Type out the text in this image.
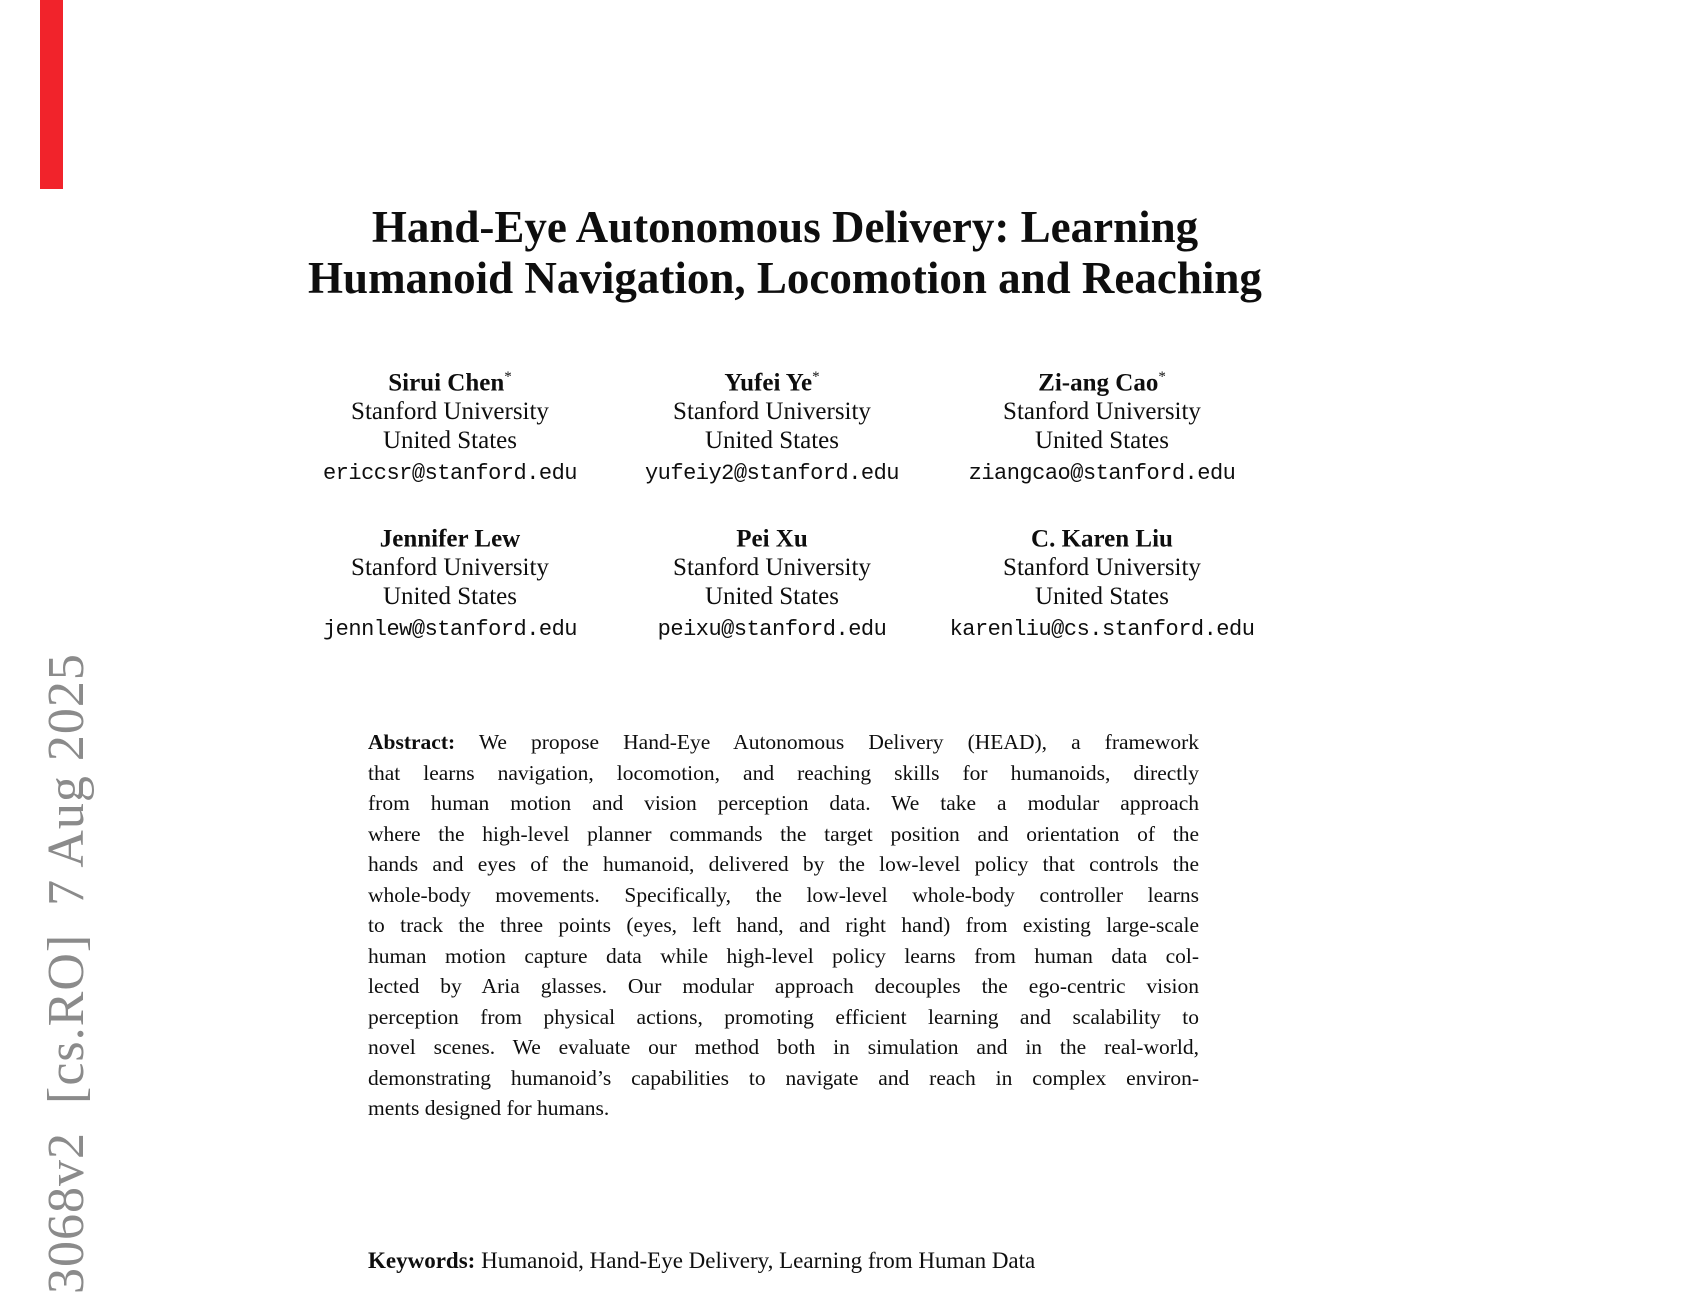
3068v2  [cs.RO]  7 Aug 2025
Hand-Eye Autonomous Delivery: Learning
Humanoid Navigation, Locomotion and Reaching
Sirui Chen*
Stanford University
United States
ericcsr@stanford.edu
Yufei Ye*
Stanford University
United States
yufeiy2@stanford.edu
Zi-ang Cao*
Stanford University
United States
ziangcao@stanford.edu
Jennifer Lew
Stanford University
United States
jennlew@stanford.edu
Pei Xu
Stanford University
United States
peixu@stanford.edu
C. Karen Liu
Stanford University
United States
karenliu@cs.stanford.edu
Abstract: We propose Hand-Eye Autonomous Delivery (HEAD), a framework
that learns navigation, locomotion, and reaching skills for humanoids, directly
from human motion and vision perception data. We take a modular approach
where the high-level planner commands the target position and orientation of the
hands and eyes of the humanoid, delivered by the low-level policy that controls the
whole-body movements. Specifically, the low-level whole-body controller learns
to track the three points (eyes, left hand, and right hand) from existing large-scale
human motion capture data while high-level policy learns from human data col-
lected by Aria glasses. Our modular approach decouples the ego-centric vision
perception from physical actions, promoting efficient learning and scalability to
novel scenes. We evaluate our method both in simulation and in the real-world,
demonstrating humanoid’s capabilities to navigate and reach in complex environ-
ments designed for humans.
Keywords: Humanoid, Hand-Eye Delivery, Learning from Human Data
